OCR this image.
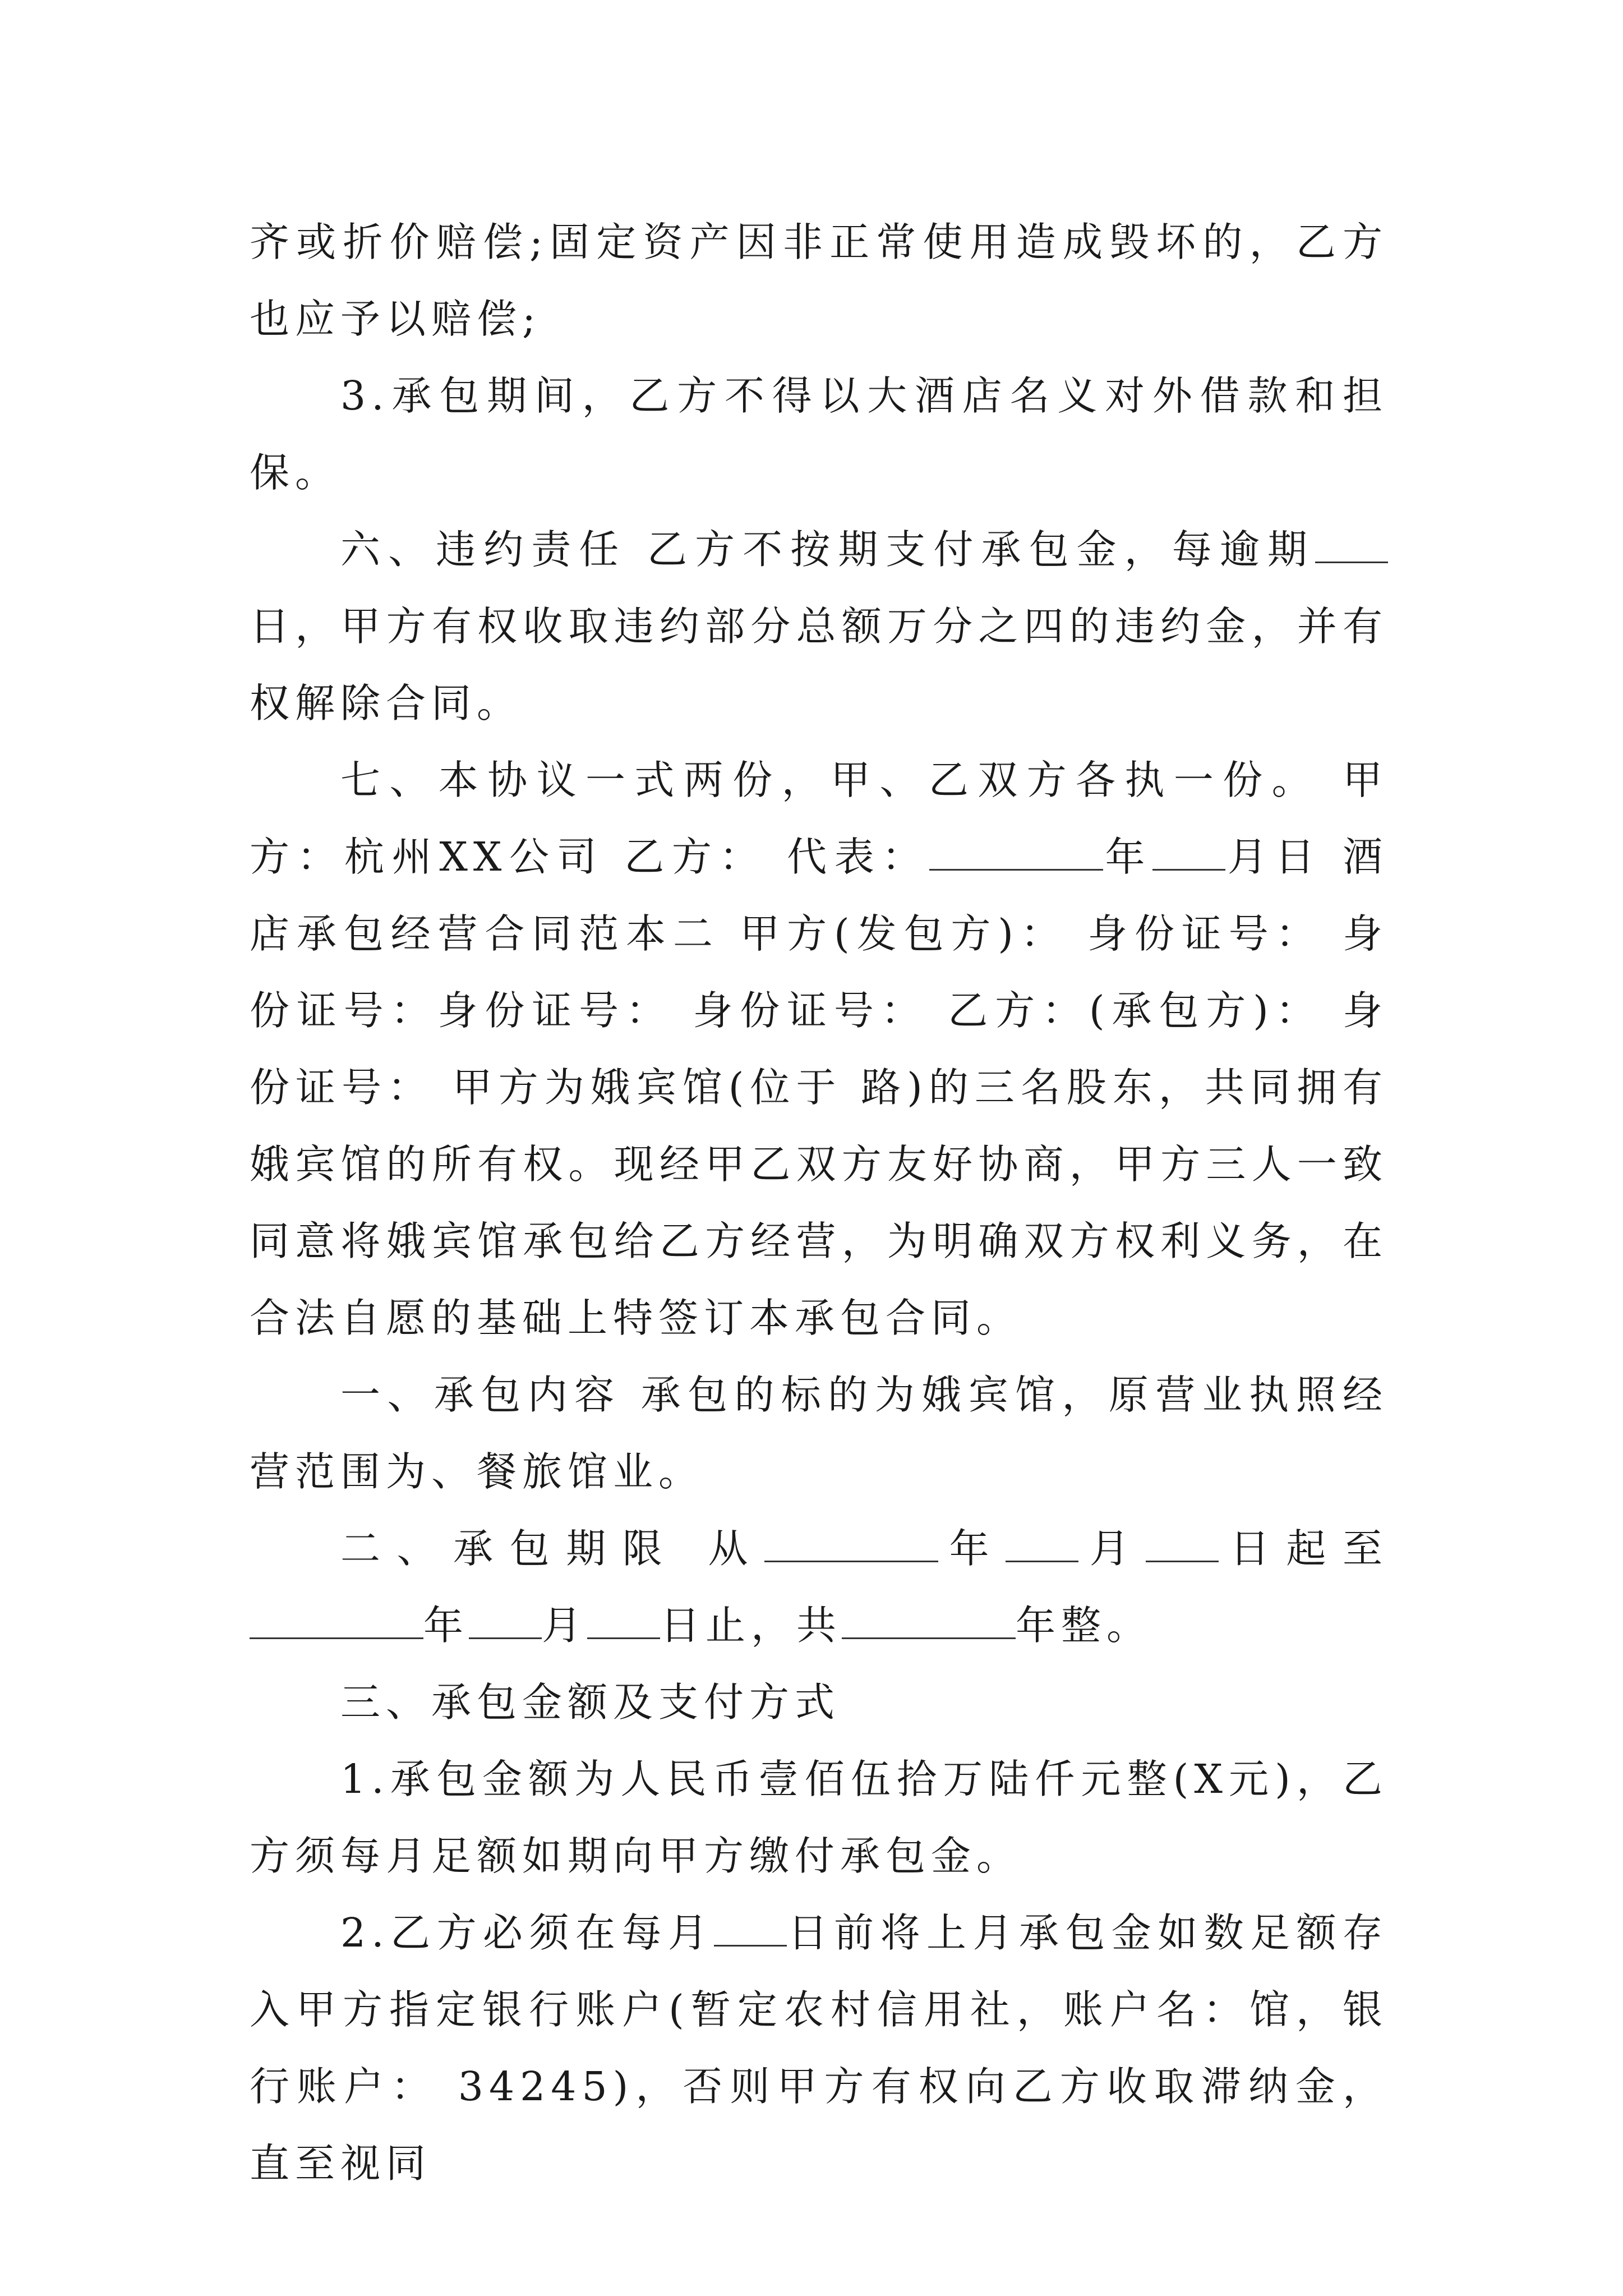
齐或折价赔偿;固定资产因非正常使用造成毁坏的，乙方也应予以赔偿;

3.承包期间，乙方不得以大酒店名义对外借款和担保。

六、违约责任 乙方不按期支付承包金，每逾期日，甲方有权收取违约部分总额万分之四的违约金，并有权解除合同。

七、本协议一式两份，甲、乙双方各执一份。 甲方：杭州XX公司 乙方： 代表：	年 月日 酒店承包经营合同范本二 甲方(发包方)： 身份证号： 身份证号：身份证号： 身份证号： 乙方：(承包方)： 身份证号： 甲方为娥宾馆(位于 路)的三名股东，共同拥有娥宾馆的所有权。现经甲乙双方友好协商，甲方三人一致同意将娥宾馆承包给乙方经营，为明确双方权利义务，在合法自愿的基础上特签订本承包合同。

一、承包内容 承包的标的为娥宾馆，原营业执照经营范围为、餐旅馆业。

二、承包期限 从	年 月 日起至年 月 日止，共	年整。

三、承包金额及支付方式

1.承包金额为人民币壹佰伍拾万陆仟元整(X元)，乙方须每月足额如期向甲方缴付承包金。

2.乙方必须在每月 日前将上月承包金如数足额存入甲方指定银行账户(暂定农村信用社，账户名：馆，银行账户： 34245)，否则甲方有权向乙方收取滞纳金，直至视同
